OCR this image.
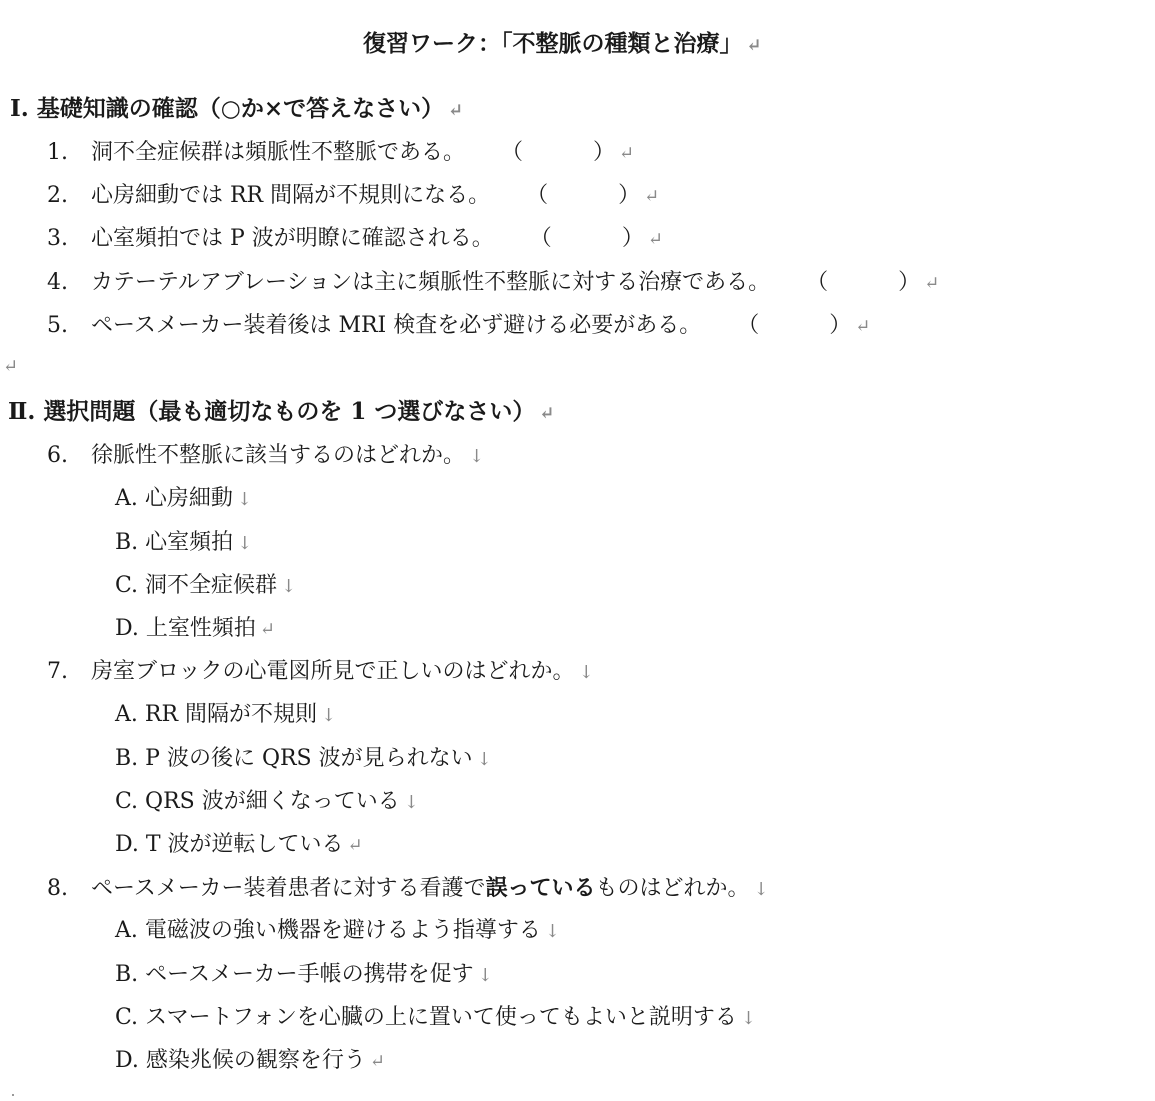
復習ワーク：「不整脈の種類と治療」 ↵
Ⅰ. 基礎知識の確認（○か×で答えなさい） ↵
1. 洞不全症候群は頻脈性不整脈である。 （	） ↵
2. 心房細動では RR 間隔が不規則になる。 （	） ↵
3. 心室頻拍では P 波が明瞭に確認される。 （	） ↵
4. カテーテルアブレーションは主に頻脈性不整脈に対する治療である。 （	） ↵
5. ペースメーカー装着後は MRI 検査を必ず避ける必要がある。 （	） ↵
↵
Ⅱ. 選択問題（最も適切なものを 1 つ選びなさい） ↵
6. 徐脈性不整脈に該当するのはどれか。 ↓
A. 心房細動 ↓
B. 心室頻拍 ↓
C. 洞不全症候群 ↓
D. 上室性頻拍 ↵
7. 房室ブロックの心電図所見で正しいのはどれか。 ↓
A. RR 間隔が不規則 ↓
B. P 波の後に QRS 波が見られない ↓
C. QRS 波が細くなっている ↓
D. T 波が逆転している ↵
8. ペースメーカー装着患者に対する看護で誤っているものはどれか。 ↓
A. 電磁波の強い機器を避けるよう指導する ↓
B. ペースメーカー手帳の携帯を促す ↓
C. スマートフォンを心臓の上に置いて使ってもよいと説明する ↓
D. 感染兆候の観察を行う ↵
